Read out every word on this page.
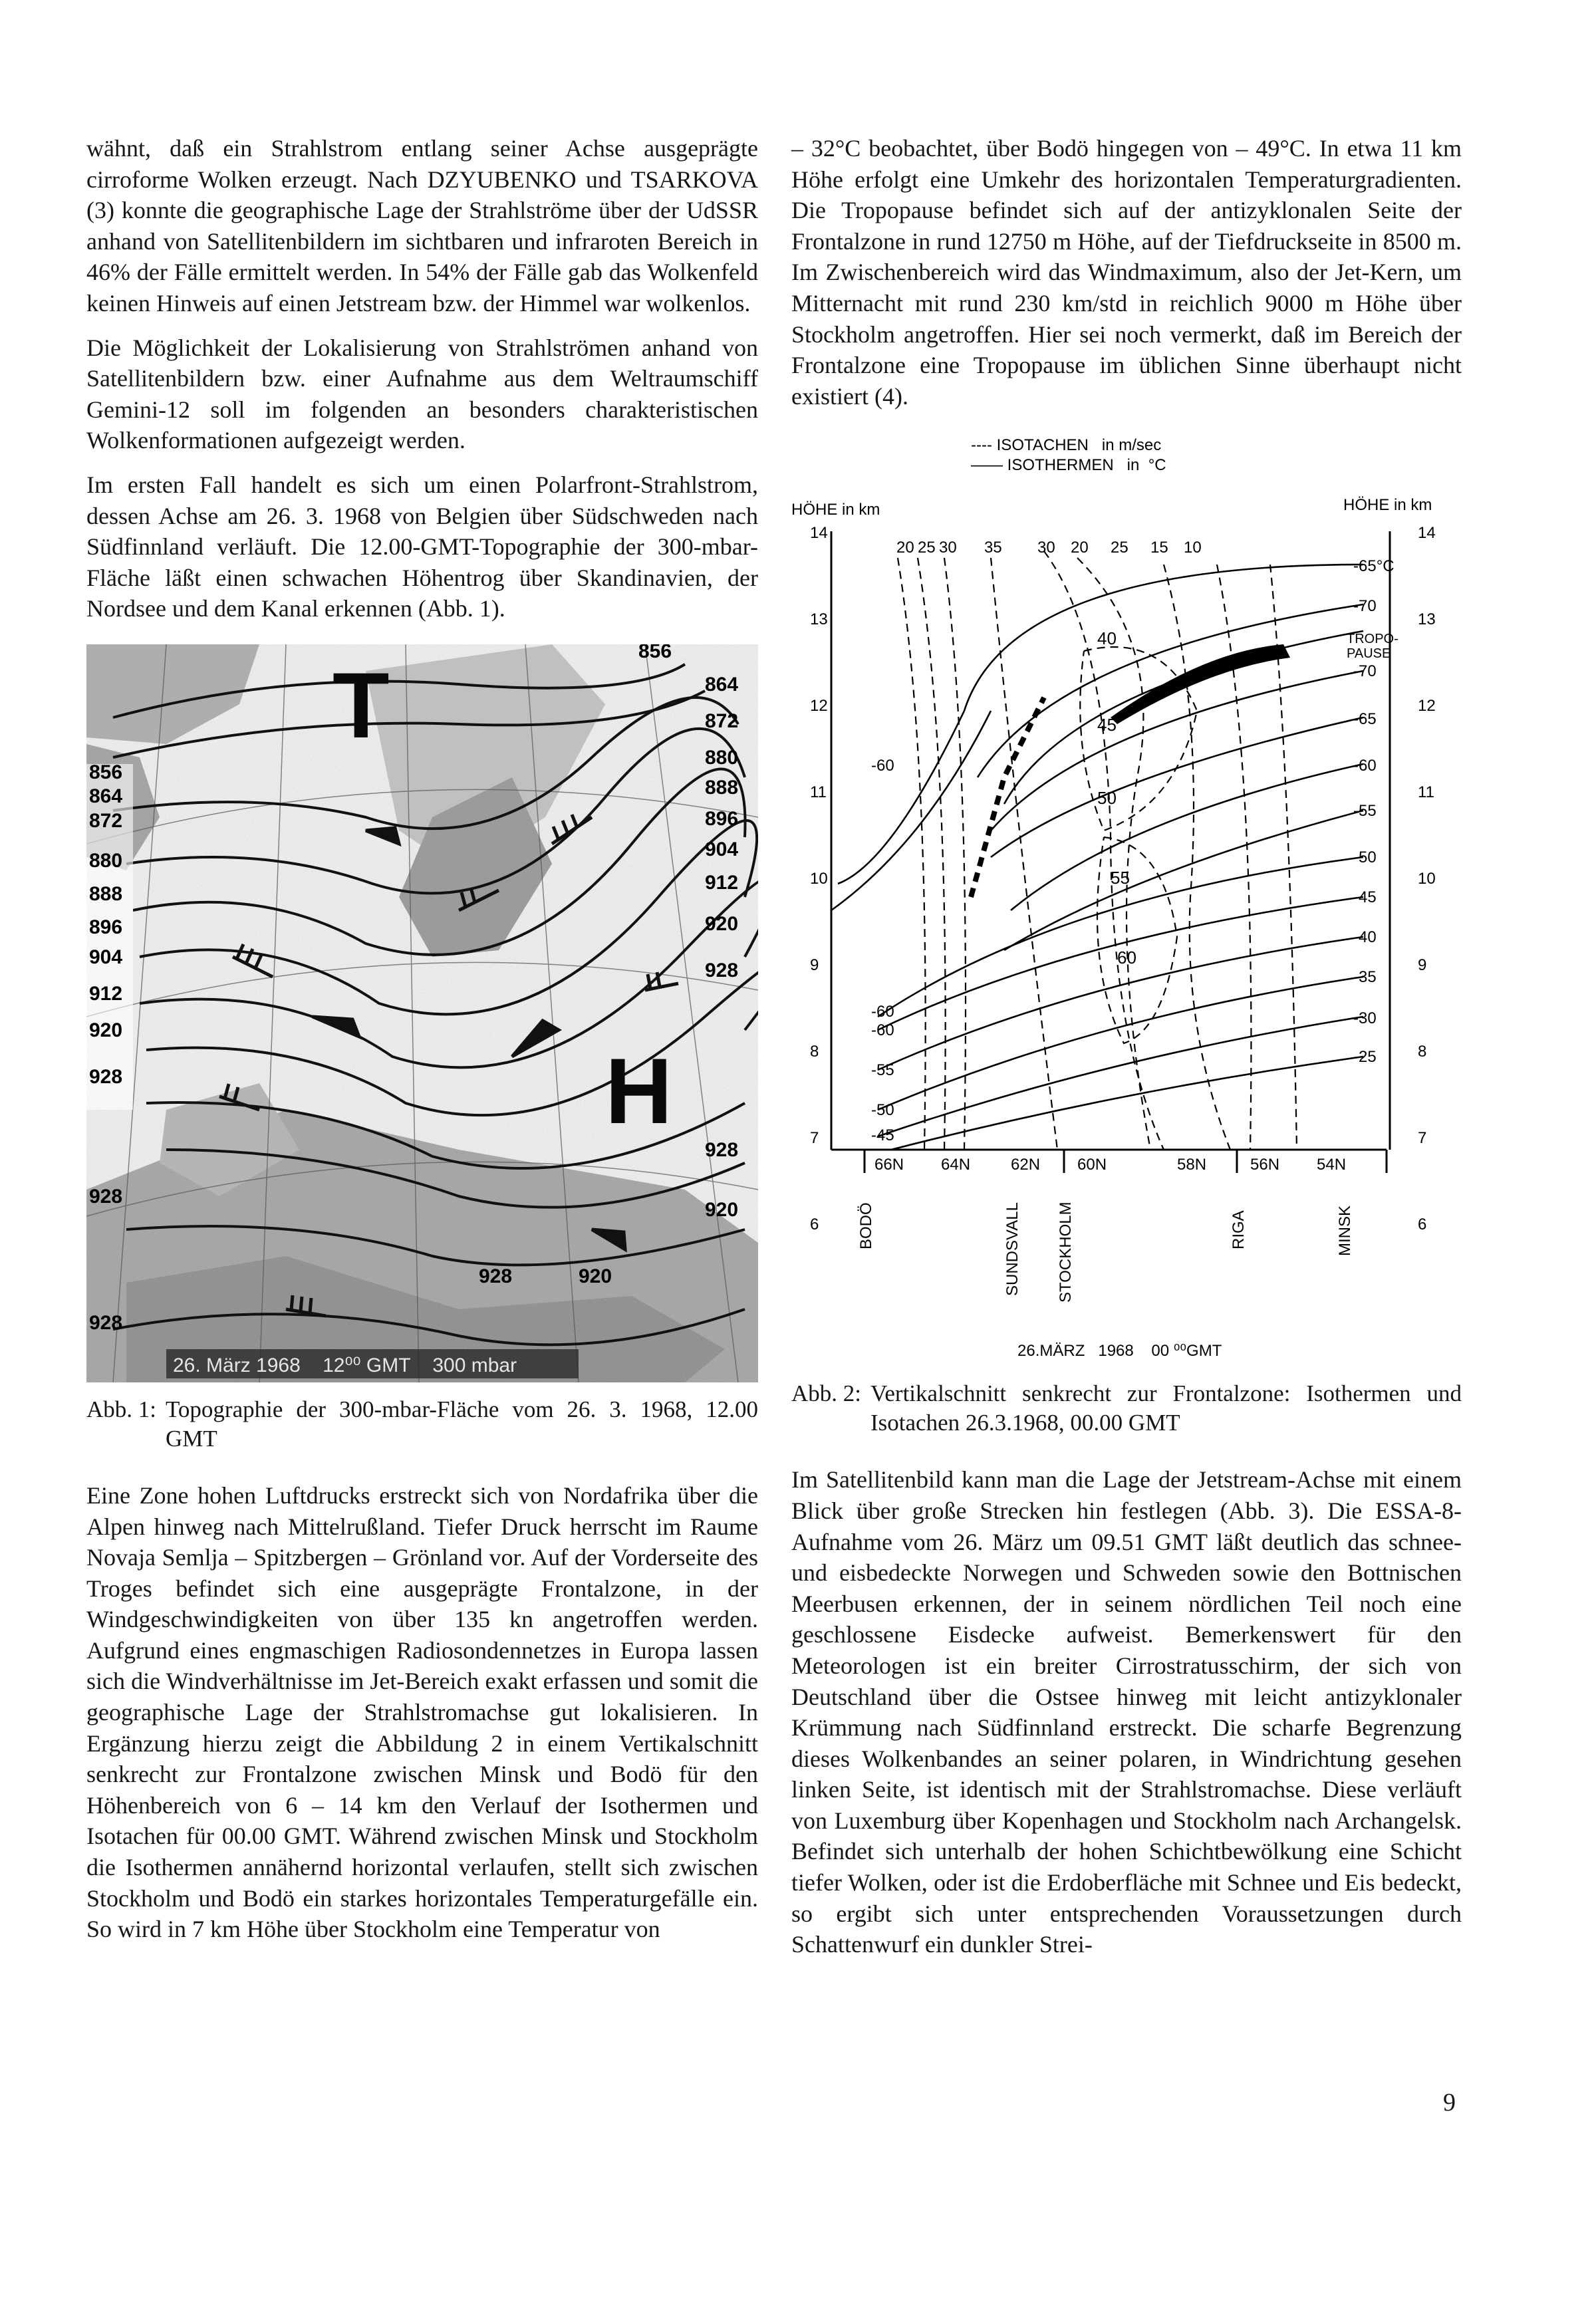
wähnt, daß ein Strahlstrom entlang seiner Achse ausgeprägte cirroforme Wolken erzeugt. Nach DZYUBENKO und TSARKOVA (3) konnte die geographische Lage der Strahlströme über der UdSSR anhand von Satellitenbildern im sichtbaren und infraroten Bereich in 46% der Fälle ermittelt werden. In 54% der Fälle gab das Wolkenfeld keinen Hinweis auf einen Jetstream bzw. der Himmel war wolkenlos.

Die Möglichkeit der Lokalisierung von Strahlströmen anhand von Satellitenbildern bzw. einer Aufnahme aus dem Weltraumschiff Gemini-12 soll im folgenden an besonders charakteristischen Wolkenformationen aufgezeigt werden.

Im ersten Fall handelt es sich um einen Polarfront-Strahlstrom, dessen Achse am 26. 3. 1968 von Belgien über Südschweden nach Südfinnland verläuft. Die 12.00-GMT-Topographie der 300-mbar-Fläche läßt einen schwachen Höhentrog über Skandinavien, der Nordsee und dem Kanal erkennen (Abb. 1).

T
H
856
864
872
880
888
896
904
912
920
928
928
928
856
864
872
880
888
896
904
912
920
928
928
920
928	920
26. März 1968    12⁰⁰ GMT    300 mbar
Abb. 1: Topographie der 300-mbar-Fläche vom 26. 3. 1968, 12.00 GMT

Eine Zone hohen Luftdrucks erstreckt sich von Nordafrika über die Alpen hinweg nach Mittelrußland. Tiefer Druck herrscht im Raume Novaja Semlja – Spitzbergen – Grönland vor. Auf der Vorderseite des Troges befindet sich eine ausgeprägte Frontalzone, in der Windgeschwindigkeiten von über 135 kn angetroffen werden. Aufgrund eines engmaschigen Radiosondennetzes in Europa lassen sich die Windverhältnisse im Jet-Bereich exakt erfassen und somit die geographische Lage der Strahlstromachse gut lokalisieren. In Ergänzung hierzu zeigt die Abbildung 2 in einem Vertikalschnitt senkrecht zur Frontalzone zwischen Minsk und Bodö für den Höhenbereich von 6 – 14 km den Verlauf der Isothermen und Isotachen für 00.00 GMT. Während zwischen Minsk und Stockholm die Isothermen annähernd horizontal verlaufen, stellt sich zwischen Stockholm und Bodö ein starkes horizontales Temperaturgefälle ein. So wird in 7 km Höhe über Stockholm eine Temperatur von

– 32°C beobachtet, über Bodö hingegen von – 49°C. In etwa 11 km Höhe erfolgt eine Umkehr des horizontalen Temperaturgradienten. Die Tropopause befindet sich auf der antizyklonalen Seite der Frontalzone in rund 12750 m Höhe, auf der Tiefdruckseite in 8500 m. Im Zwischenbereich wird das Windmaximum, also der Jet-Kern, um Mitternacht mit rund 230 km/std in reichlich 9000 m Höhe über Stockholm angetroffen. Hier sei noch vermerkt, daß im Bereich der Frontalzone eine Tropopause im üblichen Sinne überhaupt nicht existiert (4).

---- ISOTACHEN   in m/sec
—— ISOTHERMEN   in  °C
HÖHE in km	HÖHE in km
14
13
12
11
10
9
8
7
6
14
13
12
11
10
9
8
7
6
20 25 30 35 30 20 25 15 10
40
45
50
55
60
-60
-60
-60
-55
-50
-45
-65°C
-70
-70
-65
-60
-55
-50
-45
-40
-35
-30
-25
TROPO-
PAUSE
66N 64N	62N 60N	58N	56N 54N
BODÖ	SUNDSVALL STOCKHOLM	RIGA	MINSK
26.MÄRZ   1968    00 ⁰⁰GMT
Abb. 2: Vertikalschnitt senkrecht zur Frontalzone: Isothermen und Isotachen 26.3.1968, 00.00 GMT

Im Satellitenbild kann man die Lage der Jetstream-Achse mit einem Blick über große Strecken hin festlegen (Abb. 3). Die ESSA-8-Aufnahme vom 26. März um 09.51 GMT läßt deutlich das schnee- und eisbedeckte Norwegen und Schweden sowie den Bottnischen Meerbusen erkennen, der in seinem nördlichen Teil noch eine geschlossene Eisdecke aufweist. Bemerkenswert für den Meteorologen ist ein breiter Cirrostratusschirm, der sich von Deutschland über die Ostsee hinweg mit leicht antizyklonaler Krümmung nach Südfinnland erstreckt. Die scharfe Begrenzung dieses Wolkenbandes an seiner polaren, in Windrichtung gesehen linken Seite, ist identisch mit der Strahlstromachse. Diese verläuft von Luxemburg über Kopenhagen und Stockholm nach Archangelsk. Befindet sich unterhalb der hohen Schichtbewölkung eine Schicht tiefer Wolken, oder ist die Erdoberfläche mit Schnee und Eis bedeckt, so ergibt sich unter entsprechenden Voraussetzungen durch Schattenwurf ein dunkler Strei-

9
